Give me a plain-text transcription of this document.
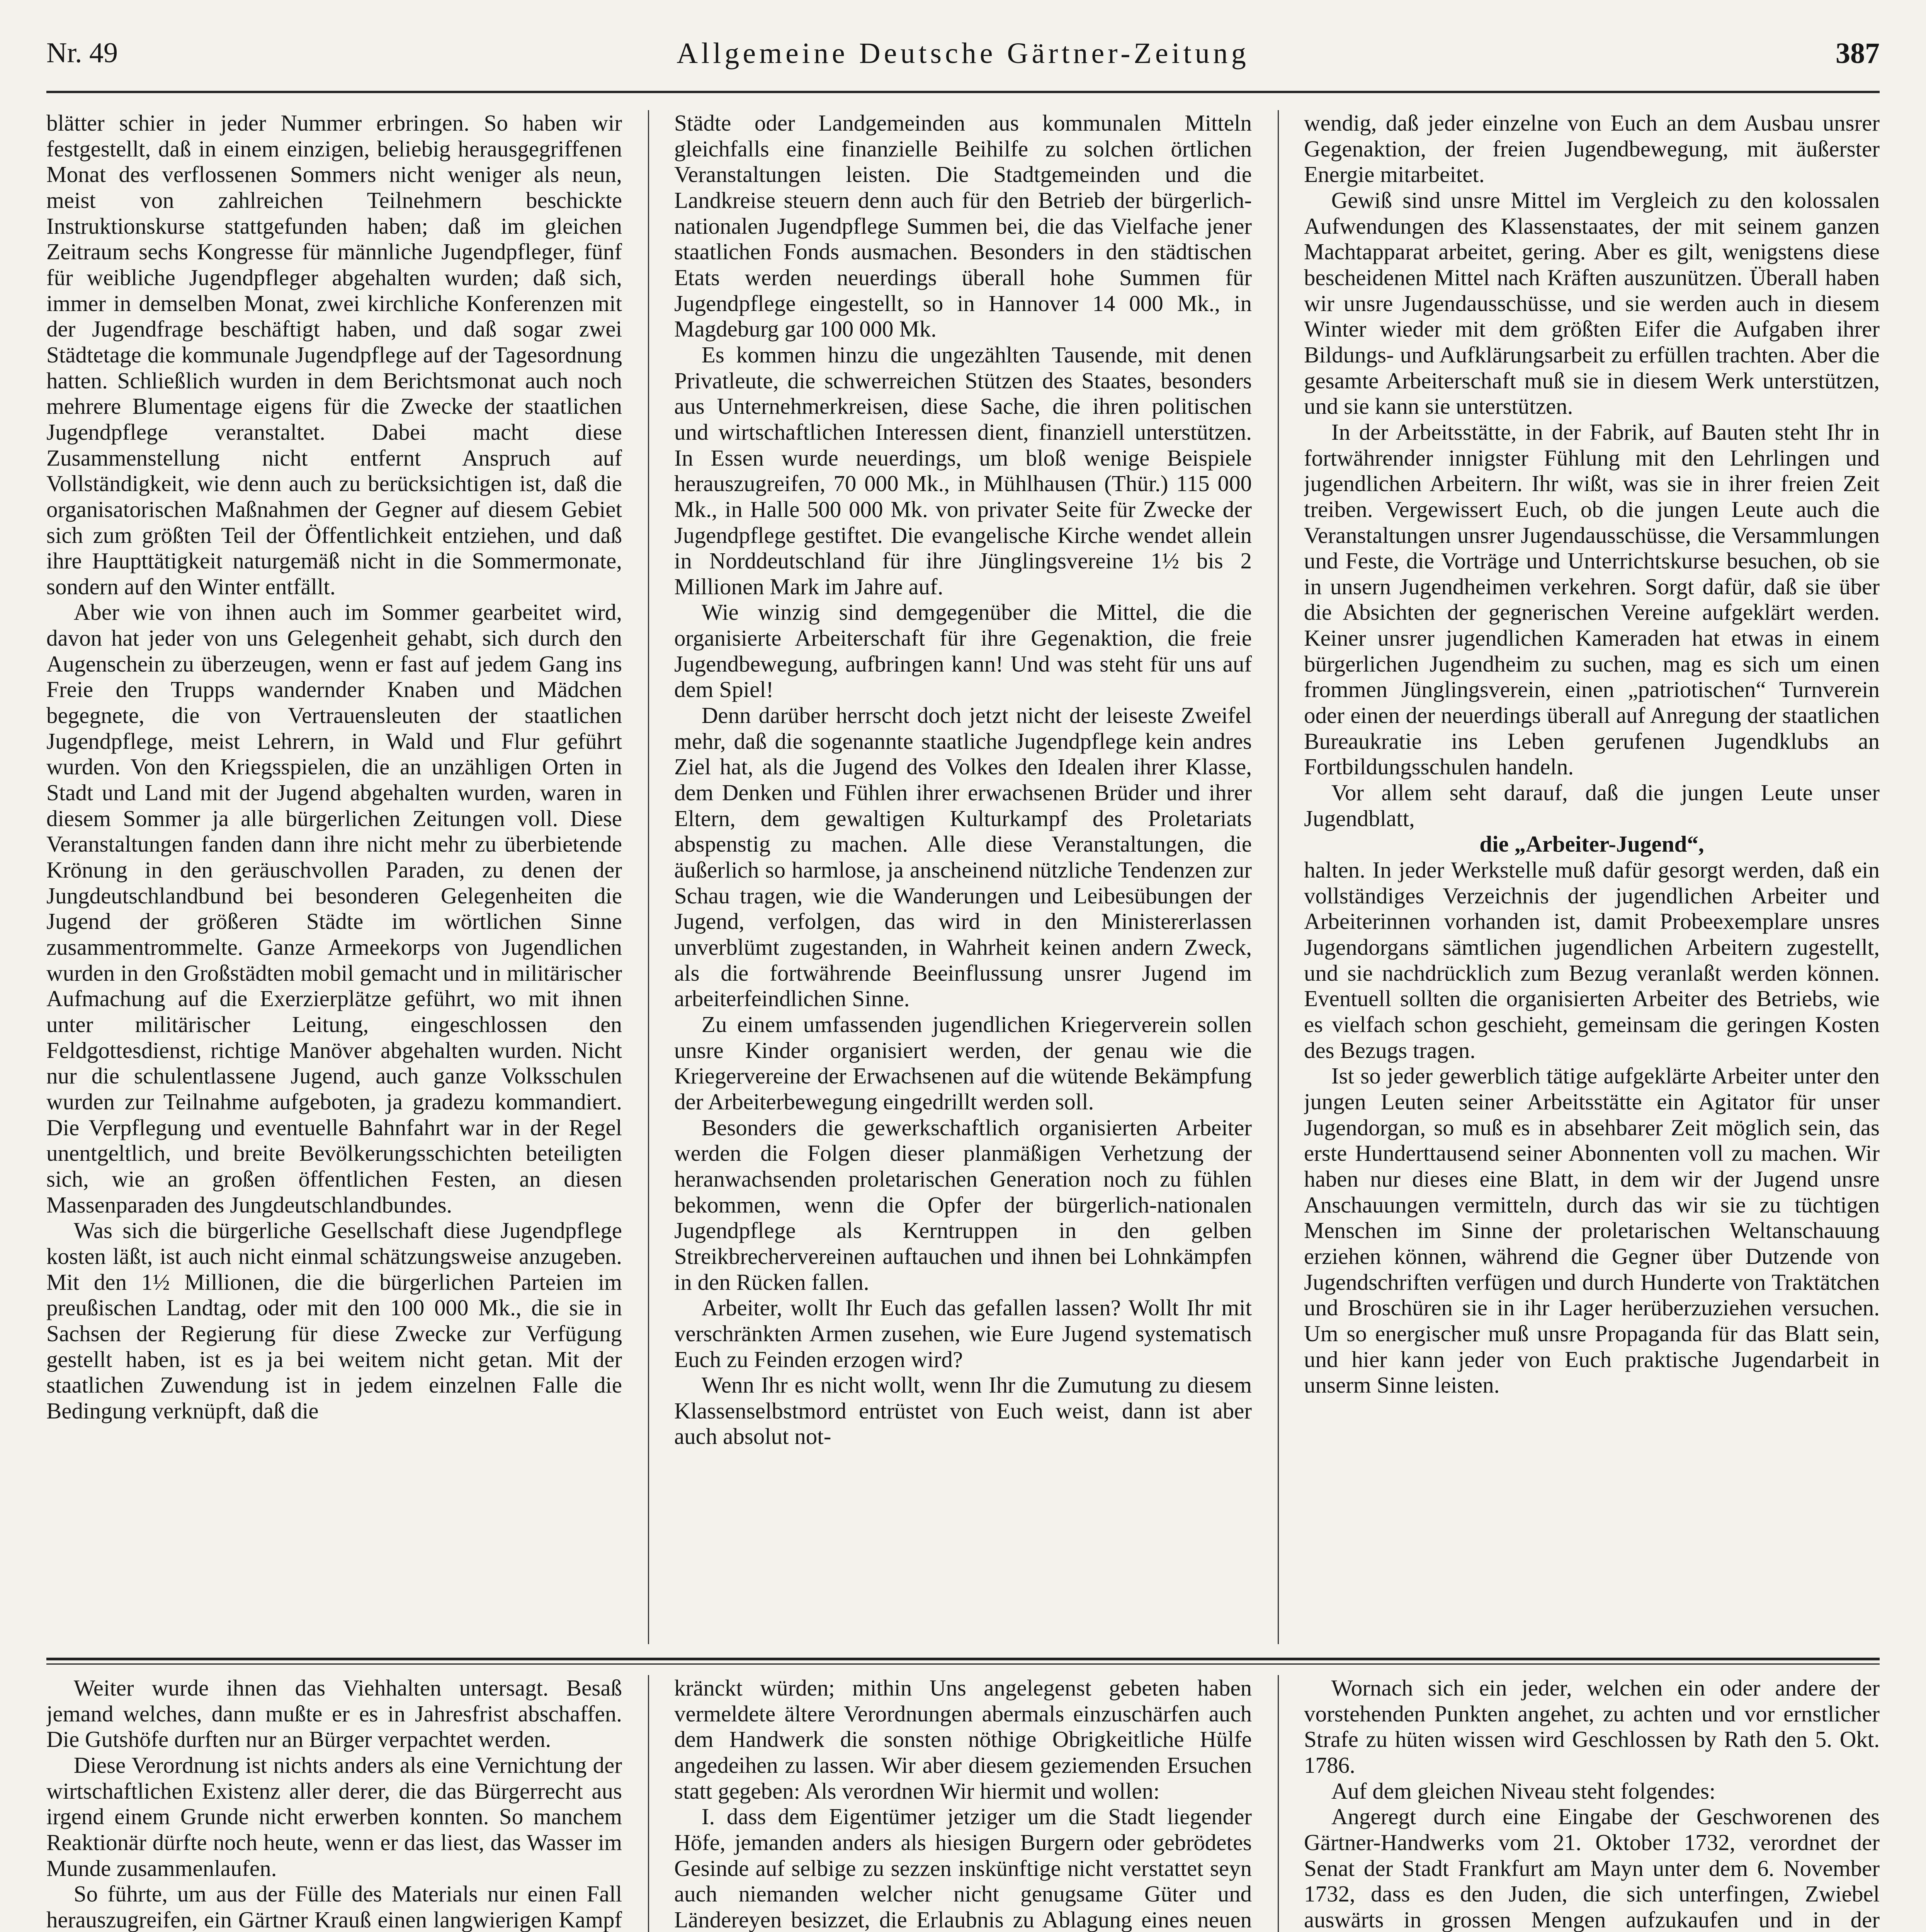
Nr. 49	Allgemeine Deutsche Gärtner-Zeitung	387

blätter schier in jeder Nummer erbringen. So haben wir festgestellt, daß in einem einzigen, beliebig herausgegriffenen Monat des verflossenen Sommers nicht weniger als neun, meist von zahlreichen Teilnehmern beschickte Instruktionskurse stattgefunden haben; daß im gleichen Zeitraum sechs Kongresse für männliche Jugendpfleger, fünf für weibliche Jugendpfleger abgehalten wurden; daß sich, immer in demselben Monat, zwei kirchliche Konferenzen mit der Jugendfrage beschäftigt haben, und daß sogar zwei Städtetage die kommunale Jugendpflege auf der Tagesordnung hatten. Schließlich wurden in dem Berichtsmonat auch noch mehrere Blumentage eigens für die Zwecke der staatlichen Jugendpflege veranstaltet. Dabei macht diese Zusammenstellung nicht entfernt Anspruch auf Vollständigkeit, wie denn auch zu berücksichtigen ist, daß die organisatorischen Maßnahmen der Gegner auf diesem Gebiet sich zum größten Teil der Öffentlichkeit entziehen, und daß ihre Haupttätigkeit naturgemäß nicht in die Sommermonate, sondern auf den Winter entfällt.

Aber wie von ihnen auch im Sommer gearbeitet wird, davon hat jeder von uns Gelegenheit gehabt, sich durch den Augenschein zu überzeugen, wenn er fast auf jedem Gang ins Freie den Trupps wandernder Knaben und Mädchen begegnete, die von Vertrauensleuten der staatlichen Jugendpflege, meist Lehrern, in Wald und Flur geführt wurden. Von den Kriegsspielen, die an unzähligen Orten in Stadt und Land mit der Jugend abgehalten wurden, waren in diesem Sommer ja alle bürgerlichen Zeitungen voll. Diese Veranstaltungen fanden dann ihre nicht mehr zu überbietende Krönung in den geräuschvollen Paraden, zu denen der Jungdeutschlandbund bei besonderen Gelegenheiten die Jugend der größeren Städte im wörtlichen Sinne zusammentrommelte. Ganze Armeekorps von Jugendlichen wurden in den Großstädten mobil gemacht und in militärischer Aufmachung auf die Exerzierplätze geführt, wo mit ihnen unter militärischer Leitung, eingeschlossen den Feldgottesdienst, richtige Manöver abgehalten wurden. Nicht nur die schulentlassene Jugend, auch ganze Volksschulen wurden zur Teilnahme aufgeboten, ja gradezu kommandiert. Die Verpflegung und eventuelle Bahnfahrt war in der Regel unentgeltlich, und breite Bevölkerungsschichten beteiligten sich, wie an großen öffentlichen Festen, an diesen Massenparaden des Jungdeutschlandbundes.

Was sich die bürgerliche Gesellschaft diese Jugendpflege kosten läßt, ist auch nicht einmal schätzungsweise anzugeben. Mit den 1½ Millionen, die die bürgerlichen Parteien im preußischen Landtag, oder mit den 100 000 Mk., die sie in Sachsen der Regierung für diese Zwecke zur Verfügung gestellt haben, ist es ja bei weitem nicht getan. Mit der staatlichen Zuwendung ist in jedem einzelnen Falle die Bedingung verknüpft, daß die

Städte oder Landgemeinden aus kommunalen Mitteln gleichfalls eine finanzielle Beihilfe zu solchen örtlichen Veranstaltungen leisten. Die Stadtgemeinden und die Landkreise steuern denn auch für den Betrieb der bürgerlich-nationalen Jugendpflege Summen bei, die das Vielfache jener staatlichen Fonds ausmachen. Besonders in den städtischen Etats werden neuerdings überall hohe Summen für Jugendpflege eingestellt, so in Hannover 14 000 Mk., in Magdeburg gar 100 000 Mk.

Es kommen hinzu die ungezählten Tausende, mit denen Privatleute, die schwerreichen Stützen des Staates, besonders aus Unternehmerkreisen, diese Sache, die ihren politischen und wirtschaftlichen Interessen dient, finanziell unterstützen. In Essen wurde neuerdings, um bloß wenige Beispiele herauszugreifen, 70 000 Mk., in Mühlhausen (Thür.) 115 000 Mk., in Halle 500 000 Mk. von privater Seite für Zwecke der Jugendpflege gestiftet. Die evangelische Kirche wendet allein in Norddeutschland für ihre Jünglingsvereine 1½ bis 2 Millionen Mark im Jahre auf.

Wie winzig sind demgegenüber die Mittel, die die organisierte Arbeiterschaft für ihre Gegenaktion, die freie Jugendbewegung, aufbringen kann! Und was steht für uns auf dem Spiel!

Denn darüber herrscht doch jetzt nicht der leiseste Zweifel mehr, daß die sogenannte staatliche Jugendpflege kein andres Ziel hat, als die Jugend des Volkes den Idealen ihrer Klasse, dem Denken und Fühlen ihrer erwachsenen Brüder und ihrer Eltern, dem gewaltigen Kulturkampf des Proletariats abspenstig zu machen. Alle diese Veranstaltungen, die äußerlich so harmlose, ja anscheinend nützliche Tendenzen zur Schau tragen, wie die Wanderungen und Leibesübungen der Jugend, verfolgen, das wird in den Ministererlassen unverblümt zugestanden, in Wahrheit keinen andern Zweck, als die fortwährende Beeinflussung unsrer Jugend im arbeiterfeindlichen Sinne.

Zu einem umfassenden jugendlichen Kriegerverein sollen unsre Kinder organisiert werden, der genau wie die Kriegervereine der Erwachsenen auf die wütende Bekämpfung der Arbeiterbewegung eingedrillt werden soll.

Besonders die gewerkschaftlich organisierten Arbeiter werden die Folgen dieser planmäßigen Verhetzung der heranwachsenden proletarischen Generation noch zu fühlen bekommen, wenn die Opfer der bürgerlich-nationalen Jugendpflege als Kerntruppen in den gelben Streikbrechervereinen auftauchen und ihnen bei Lohnkämpfen in den Rücken fallen.

Arbeiter, wollt Ihr Euch das gefallen lassen? Wollt Ihr mit verschränkten Armen zusehen, wie Eure Jugend systematisch Euch zu Feinden erzogen wird?

Wenn Ihr es nicht wollt, wenn Ihr die Zumutung zu diesem Klassenselbstmord entrüstet von Euch weist, dann ist aber auch absolut not-

wendig, daß jeder einzelne von Euch an dem Ausbau unsrer Gegenaktion, der freien Jugendbewegung, mit äußerster Energie mitarbeitet.

Gewiß sind unsre Mittel im Vergleich zu den kolossalen Aufwendungen des Klassenstaates, der mit seinem ganzen Machtapparat arbeitet, gering. Aber es gilt, wenigstens diese bescheidenen Mittel nach Kräften auszunützen. Überall haben wir unsre Jugendausschüsse, und sie werden auch in diesem Winter wieder mit dem größten Eifer die Aufgaben ihrer Bildungs- und Aufklärungsarbeit zu erfüllen trachten. Aber die gesamte Arbeiterschaft muß sie in diesem Werk unterstützen, und sie kann sie unterstützen.

In der Arbeitsstätte, in der Fabrik, auf Bauten steht Ihr in fortwährender innigster Fühlung mit den Lehrlingen und jugendlichen Arbeitern. Ihr wißt, was sie in ihrer freien Zeit treiben. Vergewissert Euch, ob die jungen Leute auch die Veranstaltungen unsrer Jugendausschüsse, die Versammlungen und Feste, die Vorträge und Unterrichtskurse besuchen, ob sie in unsern Jugendheimen verkehren. Sorgt dafür, daß sie über die Absichten der gegnerischen Vereine aufgeklärt werden. Keiner unsrer jugendlichen Kameraden hat etwas in einem bürgerlichen Jugendheim zu suchen, mag es sich um einen frommen Jünglingsverein, einen „patriotischen“ Turnverein oder einen der neuerdings überall auf Anregung der staatlichen Bureaukratie ins Leben gerufenen Jugendklubs an Fortbildungsschulen handeln.

Vor allem seht darauf, daß die jungen Leute unser Jugendblatt,

die „Arbeiter-Jugend“,

halten. In jeder Werkstelle muß dafür gesorgt werden, daß ein vollständiges Verzeichnis der jugendlichen Arbeiter und Arbeiterinnen vorhanden ist, damit Probeexemplare unsres Jugendorgans sämtlichen jugendlichen Arbeitern zugestellt, und sie nachdrücklich zum Bezug veranlaßt werden können. Eventuell sollten die organisierten Arbeiter des Betriebs, wie es vielfach schon geschieht, gemeinsam die geringen Kosten des Bezugs tragen.

Ist so jeder gewerblich tätige aufgeklärte Arbeiter unter den jungen Leuten seiner Arbeitsstätte ein Agitator für unser Jugendorgan, so muß es in absehbarer Zeit möglich sein, das erste Hunderttausend seiner Abonnenten voll zu machen. Wir haben nur dieses eine Blatt, in dem wir der Jugend unsre Anschauungen vermitteln, durch das wir sie zu tüchtigen Menschen im Sinne der proletarischen Weltanschauung erziehen können, während die Gegner über Dutzende von Jugendschriften verfügen und durch Hunderte von Traktätchen und Broschüren sie in ihr Lager herüberzuziehen versuchen. Um so energischer muß unsre Propaganda für das Blatt sein, und hier kann jeder von Euch praktische Jugendarbeit in unserm Sinne leisten.

Weiter wurde ihnen das Viehhalten untersagt. Besaß jemand welches, dann mußte er es in Jahresfrist abschaffen. Die Gutshöfe durften nur an Bürger verpachtet werden.

Diese Verordnung ist nichts anders als eine Vernichtung der wirtschaftlichen Existenz aller derer, die das Bürgerrecht aus irgend einem Grunde nicht erwerben konnten. So manchem Reaktionär dürfte noch heute, wenn er das liest, das Wasser im Munde zusammenlaufen.

So führte, um aus der Fülle des Materials nur einen Fall herauszugreifen, ein Gärtner Krauß einen langwierigen Kampf

kränckt würden; mithin Uns angelegenst gebeten haben vermeldete ältere Verordnungen abermals einzuschärfen auch dem Handwerk die sonsten nöthige Obrigkeitliche Hülfe angedeihen zu lassen. Wir aber diesem geziemenden Ersuchen statt gegeben: Als verordnen Wir hiermit und wollen:

I. dass dem Eigentümer jetziger um die Stadt liegender Höfe, jemanden anders als hiesigen Burgern oder gebrödetes Gesinde auf selbige zu sezzen inskünftige nicht verstattet seyn auch niemanden welcher nicht genugsame Güter und Ländereyen besizzet, die Erlaubnis zu Ablagung eines neuen

Wornach sich ein jeder, welchen ein oder andere der vorstehenden Punkten angehet, zu achten und vor ernstlicher Strafe zu hüten wissen wird Geschlossen by Rath den 5. Okt. 1786.

Auf dem gleichen Niveau steht folgendes:

Angeregt durch eine Eingabe der Geschworenen des Gärtner-Handwerks vom 21. Oktober 1732, verordnet der Senat der Stadt Frankfurt am Mayn unter dem 6. November 1732, dass es den Juden, die sich unterfingen, Zwiebel auswärts in grossen Mengen aufzukaufen und in der
